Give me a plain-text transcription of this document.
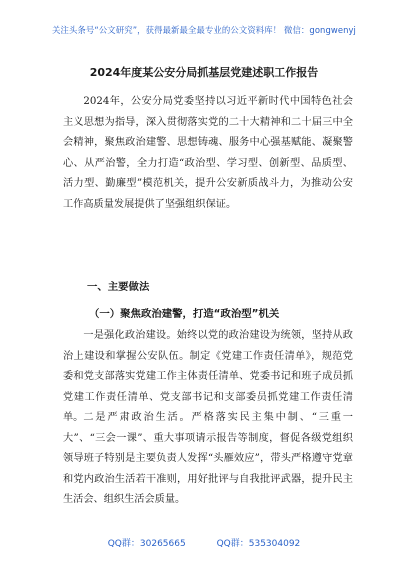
关注头条号“公文研究”，获得最新最全最专业的公文资料库！ 微信：gongwenyj
2024年度某公安分局抓基层党建述职工作报告

2024年，公安分局党委坚持以习近平新时代中国特色社会主义思想为指导，深入贯彻落实党的二十大精神和二十届三中全会精神，聚焦政治建警、思想铸魂、服务中心强基赋能、凝聚警心、从严治警，全力打造“政治型、学习型、创新型、品质型、活力型、勤廉型”模范机关，提升公安新质战斗力，为推动公安工作高质量发展提供了坚强组织保证。

一、主要做法
（一）聚焦政治建警，打造“政治型”机关

一是强化政治建设。始终以党的政治建设为统领，坚持从政治上建设和掌握公安队伍。制定《党建工作责任清单》，规范党委和党支部落实党建工作主体责任清单、党委书记和班子成员抓党建工作责任清单、党支部书记和支部委员抓党建工作责任清单。 二是严肃政治生活。严格落实民主集中制、“三重一大”、“三会一课”、重大事项请示报告等制度，督促各级党组织领导班子特别是主要负责人发挥“头雁效应”，带头严格遵守党章和党内政治生活若干准则，用好批评与自我批评武器，提升民主生活会、组织生活会质量。

QQ群：30265665	QQ群：535304092
